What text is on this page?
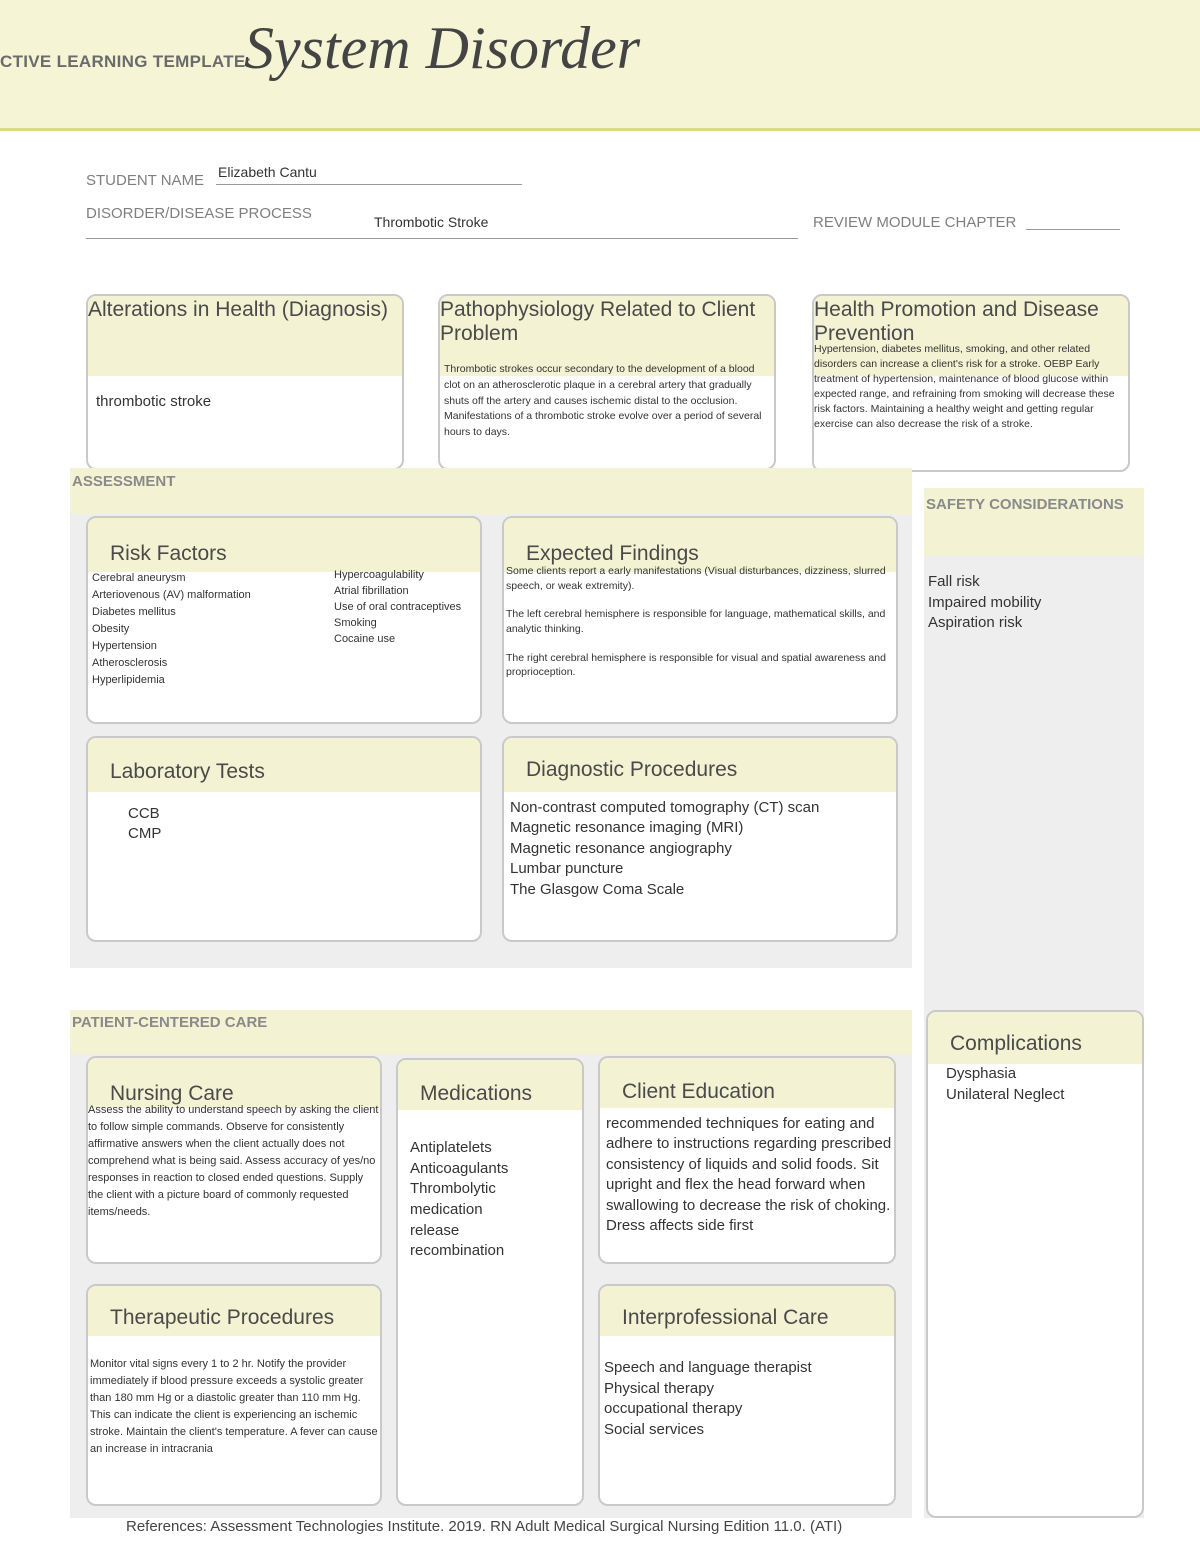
CTIVE LEARNING TEMPLATE:
System Disorder
STUDENT NAME Elizabeth Cantu
DISORDER/DISEASE PROCESS	Thrombotic Stroke	REVIEW MODULE CHAPTER
Alterations in Health (Diagnosis)
thrombotic stroke
Pathophysiology Related to Client Problem
Thrombotic strokes occur secondary to the development of a blood clot on an atherosclerotic plaque in a cerebral artery that gradually shuts off the artery and causes ischemic distal to the occlusion. Manifestations of a thrombotic stroke evolve over a period of several hours to days.
Health Promotion and Disease Prevention
Hypertension, diabetes mellitus, smoking, and other related disorders can increase a client's risk for a stroke. OEBP Early treatment of hypertension, maintenance of blood glucose within expected range, and refraining from smoking will decrease these risk factors. Maintaining a healthy weight and getting regular exercise can also decrease the risk of a stroke.
ASSESSMENT
Risk Factors
Cerebral aneurysm
Arteriovenous (AV) malformation
Diabetes mellitus
Obesity
Hypertension
Atherosclerosis
Hyperlipidemia
Hypercoagulability
Atrial fibrillation
Use of oral contraceptives
Smoking
Cocaine use
Expected Findings
Some clients report a early manifestations (Visual disturbances, dizziness, slurred speech, or weak extremity).
The left cerebral hemisphere is responsible for language, mathematical skills, and analytic thinking.
The right cerebral hemisphere is responsible for visual and spatial awareness and proprioception.
Laboratory Tests
CCB
CMP
Diagnostic Procedures
Non-contrast computed tomography (CT) scan
Magnetic resonance imaging (MRI)
Magnetic resonance angiography
Lumbar puncture
The Glasgow Coma Scale
SAFETY CONSIDERATIONS
Fall risk
Impaired mobility
Aspiration risk
PATIENT-CENTERED CARE
Nursing Care
Assess the ability to understand speech by asking the client to follow simple commands. Observe for consistently affirmative answers when the client actually does not comprehend what is being said. Assess accuracy of yes/no responses in reaction to closed ended questions. Supply the client with a picture board of commonly requested items/needs.
Medications
Antiplatelets
Anticoagulants
Thrombolytic
medication
release
recombination
Client Education
recommended techniques for eating and adhere to instructions regarding prescribed consistency of liquids and solid foods. Sit upright and flex the head forward when swallowing to decrease the risk of choking. Dress affects side first
Therapeutic Procedures
Monitor vital signs every 1 to 2 hr. Notify the provider immediately if blood pressure exceeds a systolic greater than 180 mm Hg or a diastolic greater than 110 mm Hg. This can indicate the client is experiencing an ischemic stroke. Maintain the client's temperature. A fever can cause an increase in intracrania
Interprofessional Care
Speech and language therapist
Physical therapy
occupational therapy
Social services
Complications
Dysphasia
Unilateral Neglect
References: Assessment Technologies Institute. 2019. RN Adult Medical Surgical Nursing Edition 11.0. (ATI)
